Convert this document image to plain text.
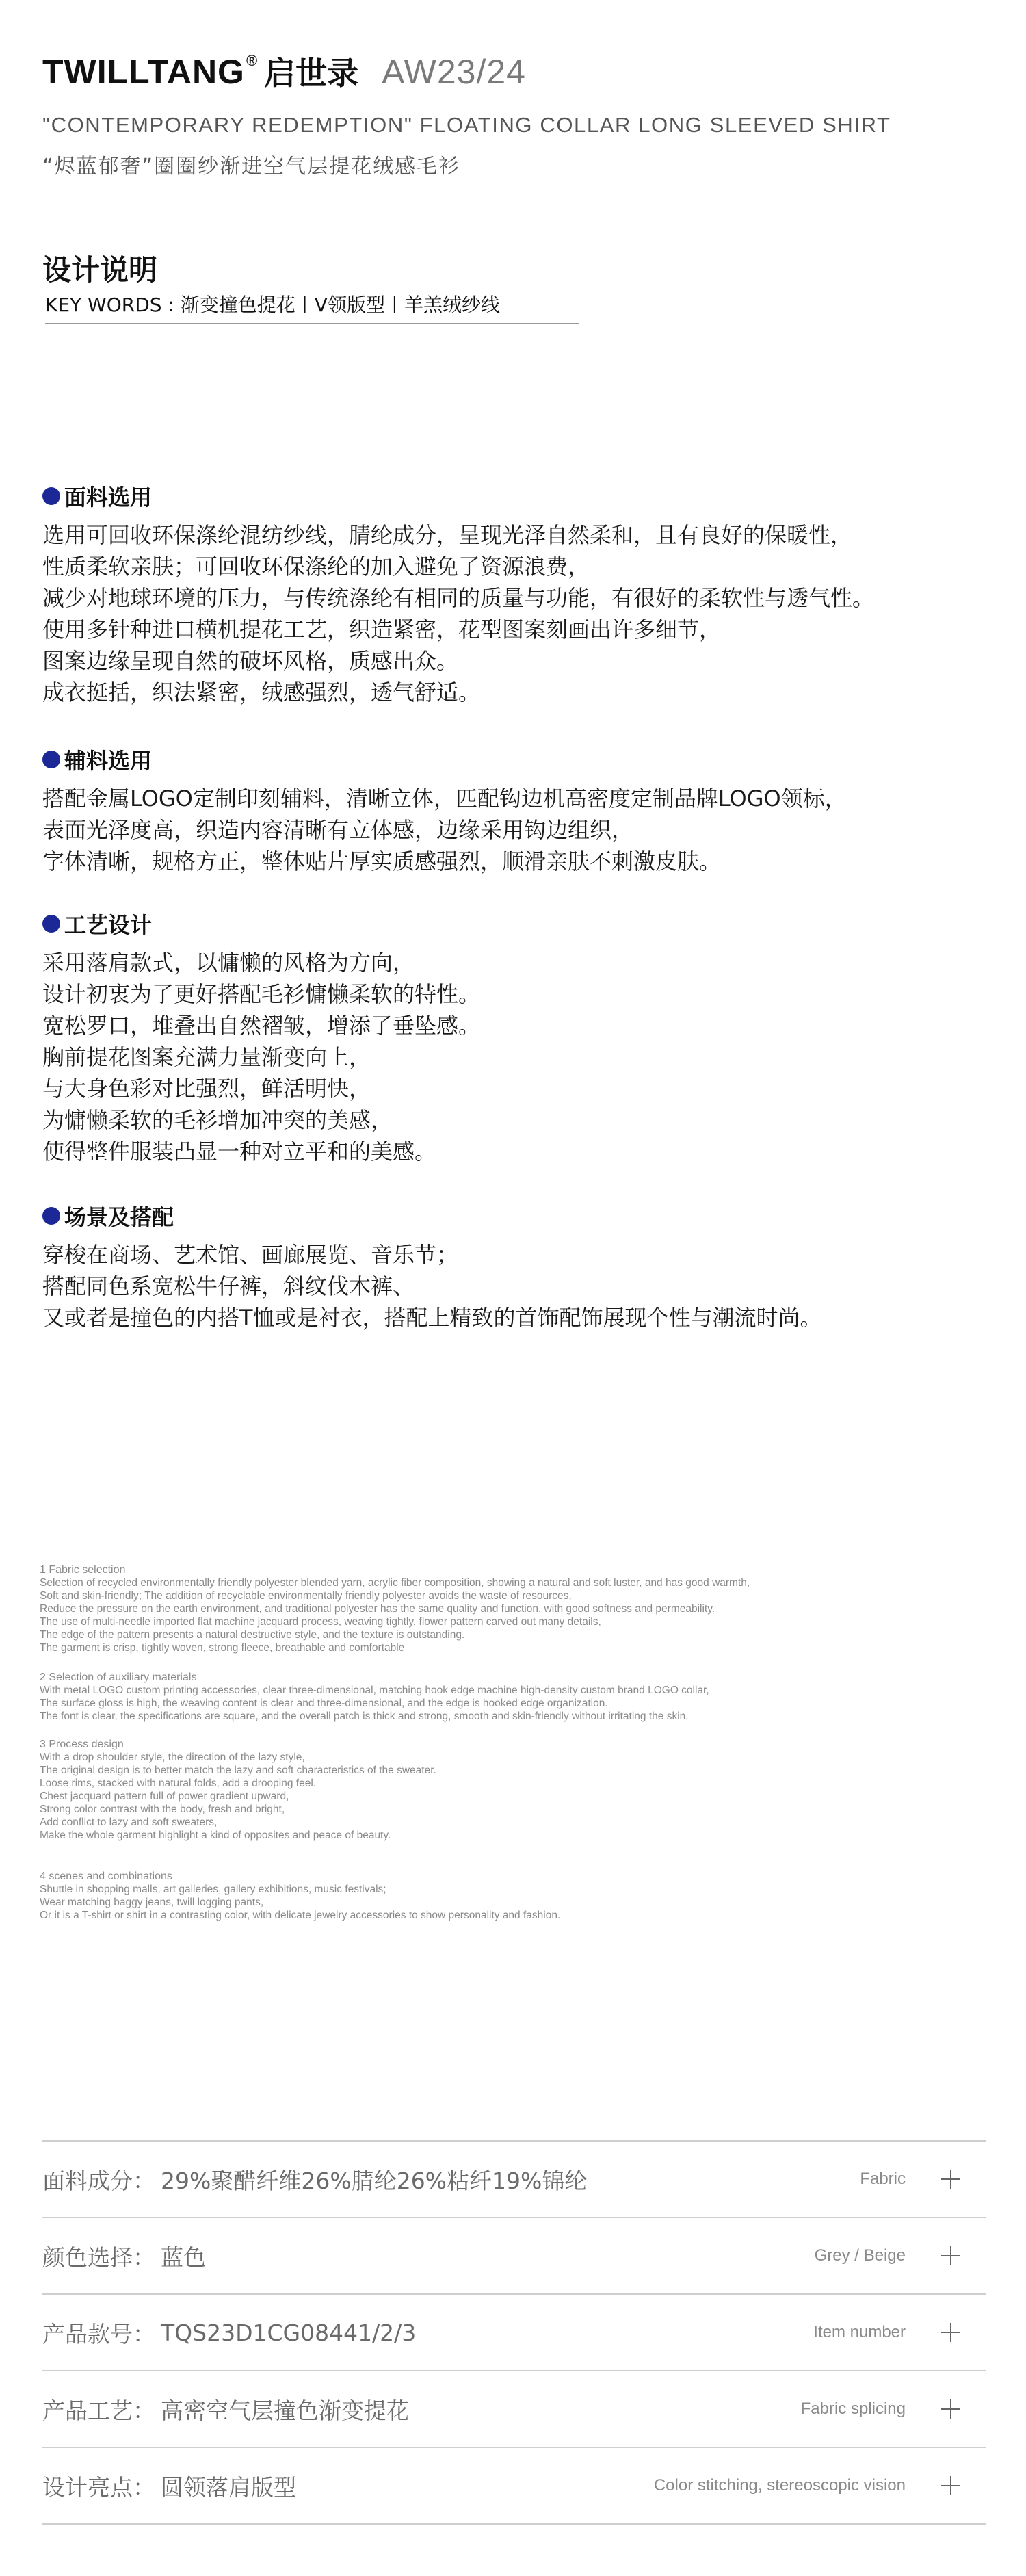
TWILLTANG ® 启世录 AW23/24
"CONTEMPORARY REDEMPTION" FLOATING COLLAR LONG SLEEVED SHIRT
“烬蓝郁奢”圈圈纱渐进空气层提花绒感毛衫
设计说明
KEY WORDS : 渐变撞色提花丨V领版型丨羊羔绒纱线
面料选用
选用可回收环保涤纶混纺纱线，腈纶成分，呈现光泽自然柔和，且有良好的保暖性，
性质柔软亲肤；可回收环保涤纶的加入避免了资源浪费，
减少对地球环境的压力，与传统涤纶有相同的质量与功能，有很好的柔软性与透气性。
使用多针种进口横机提花工艺，织造紧密，花型图案刻画出许多细节，
图案边缘呈现自然的破坏风格，质感出众。
成衣挺括，织法紧密，绒感强烈，透气舒适。
辅料选用
搭配金属LOGO定制印刻辅料，清晰立体，匹配钩边机高密度定制品牌LOGO领标，
表面光泽度高，织造内容清晰有立体感，边缘采用钩边组织，
字体清晰，规格方正，整体贴片厚实质感强烈，顺滑亲肤不刺激皮肤。
工艺设计
采用落肩款式，以慵懒的风格为方向，
设计初衷为了更好搭配毛衫慵懒柔软的特性。
宽松罗口，堆叠出自然褶皱，增添了垂坠感。
胸前提花图案充满力量渐变向上，
与大身色彩对比强烈，鲜活明快，
为慵懒柔软的毛衫增加冲突的美感，
使得整件服装凸显一种对立平和的美感。
场景及搭配
穿梭在商场、艺术馆、画廊展览、音乐节；
搭配同色系宽松牛仔裤，斜纹伐木裤、
又或者是撞色的内搭T恤或是衬衣，搭配上精致的首饰配饰展现个性与潮流时尚。
1 Fabric selection
Selection of recycled environmentally friendly polyester blended yarn, acrylic fiber composition, showing a natural and soft luster, and has good warmth,
Soft and skin-friendly; The addition of recyclable environmentally friendly polyester avoids the waste of resources,
Reduce the pressure on the earth environment, and traditional polyester has the same quality and function, with good softness and permeability.
The use of multi-needle imported flat machine jacquard process, weaving tightly, flower pattern carved out many details,
The edge of the pattern presents a natural destructive style, and the texture is outstanding.
The garment is crisp, tightly woven, strong fleece, breathable and comfortable
2 Selection of auxiliary materials
With metal LOGO custom printing accessories, clear three-dimensional, matching hook edge machine high-density custom brand LOGO collar,
The surface gloss is high, the weaving content is clear and three-dimensional, and the edge is hooked edge organization.
The font is clear, the specifications are square, and the overall patch is thick and strong, smooth and skin-friendly without irritating the skin.
3 Process design
With a drop shoulder style, the direction of the lazy style,
The original design is to better match the lazy and soft characteristics of the sweater.
Loose rims, stacked with natural folds, add a drooping feel.
Chest jacquard pattern full of power gradient upward,
Strong color contrast with the body, fresh and bright,
Add conflict to lazy and soft sweaters,
Make the whole garment highlight a kind of opposites and peace of beauty.
4 scenes and combinations
Shuttle in shopping malls, art galleries, gallery exhibitions, music festivals;
Wear matching baggy jeans, twill logging pants,
Or it is a T-shirt or shirt in a contrasting color, with delicate jewelry accessories to show personality and fashion.
面料成分： 29%聚醋纤维26%腈纶26%粘纤19%锦纶	Fabric
颜色选择： 蓝色	Grey / Beige
产品款号： TQS23D1CG08441/2/3	Item number
产品工艺： 高密空气层撞色渐变提花	Fabric splicing
设计亮点： 圆领落肩版型	Color stitching, stereoscopic vision
